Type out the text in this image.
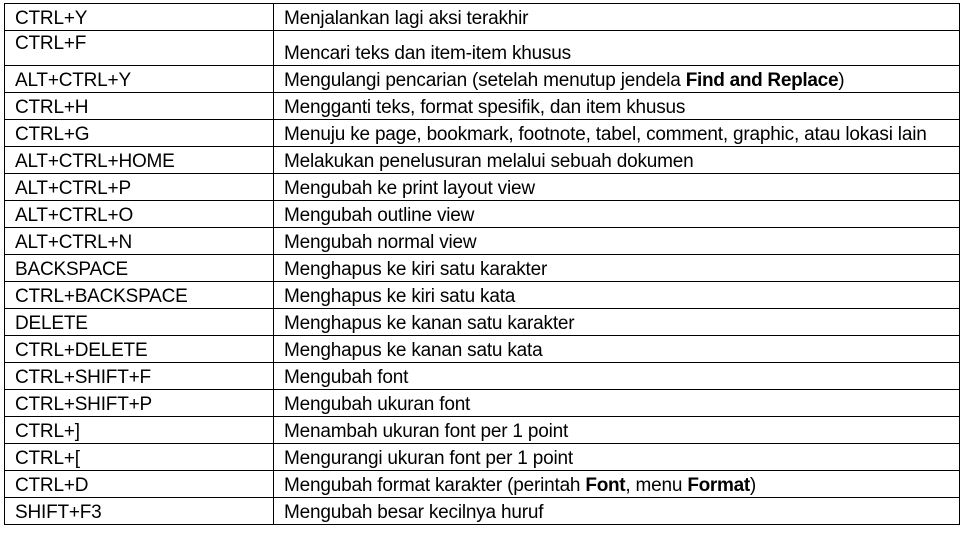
CTRL+Y	Menjalankan lagi aksi terakhir
CTRL+F	Mencari teks dan item-item khusus
ALT+CTRL+Y	Mengulangi pencarian (setelah menutup jendela Find and Replace)
CTRL+H	Mengganti teks, format spesifik, dan item khusus
CTRL+G	Menuju ke page, bookmark, footnote, tabel, comment, graphic, atau lokasi lain
ALT+CTRL+HOME	Melakukan penelusuran melalui sebuah dokumen
ALT+CTRL+P	Mengubah ke print layout view
ALT+CTRL+O	Mengubah outline view
ALT+CTRL+N	Mengubah normal view
BACKSPACE	Menghapus ke kiri satu karakter
CTRL+BACKSPACE	Menghapus ke kiri satu kata
DELETE	Menghapus ke kanan satu karakter
CTRL+DELETE	Menghapus ke kanan satu kata
CTRL+SHIFT+F	Mengubah font
CTRL+SHIFT+P	Mengubah ukuran font
CTRL+]	Menambah ukuran font per 1 point
CTRL+[	Mengurangi ukuran font per 1 point
CTRL+D	Mengubah format karakter (perintah Font, menu Format)
SHIFT+F3	Mengubah besar kecilnya huruf
